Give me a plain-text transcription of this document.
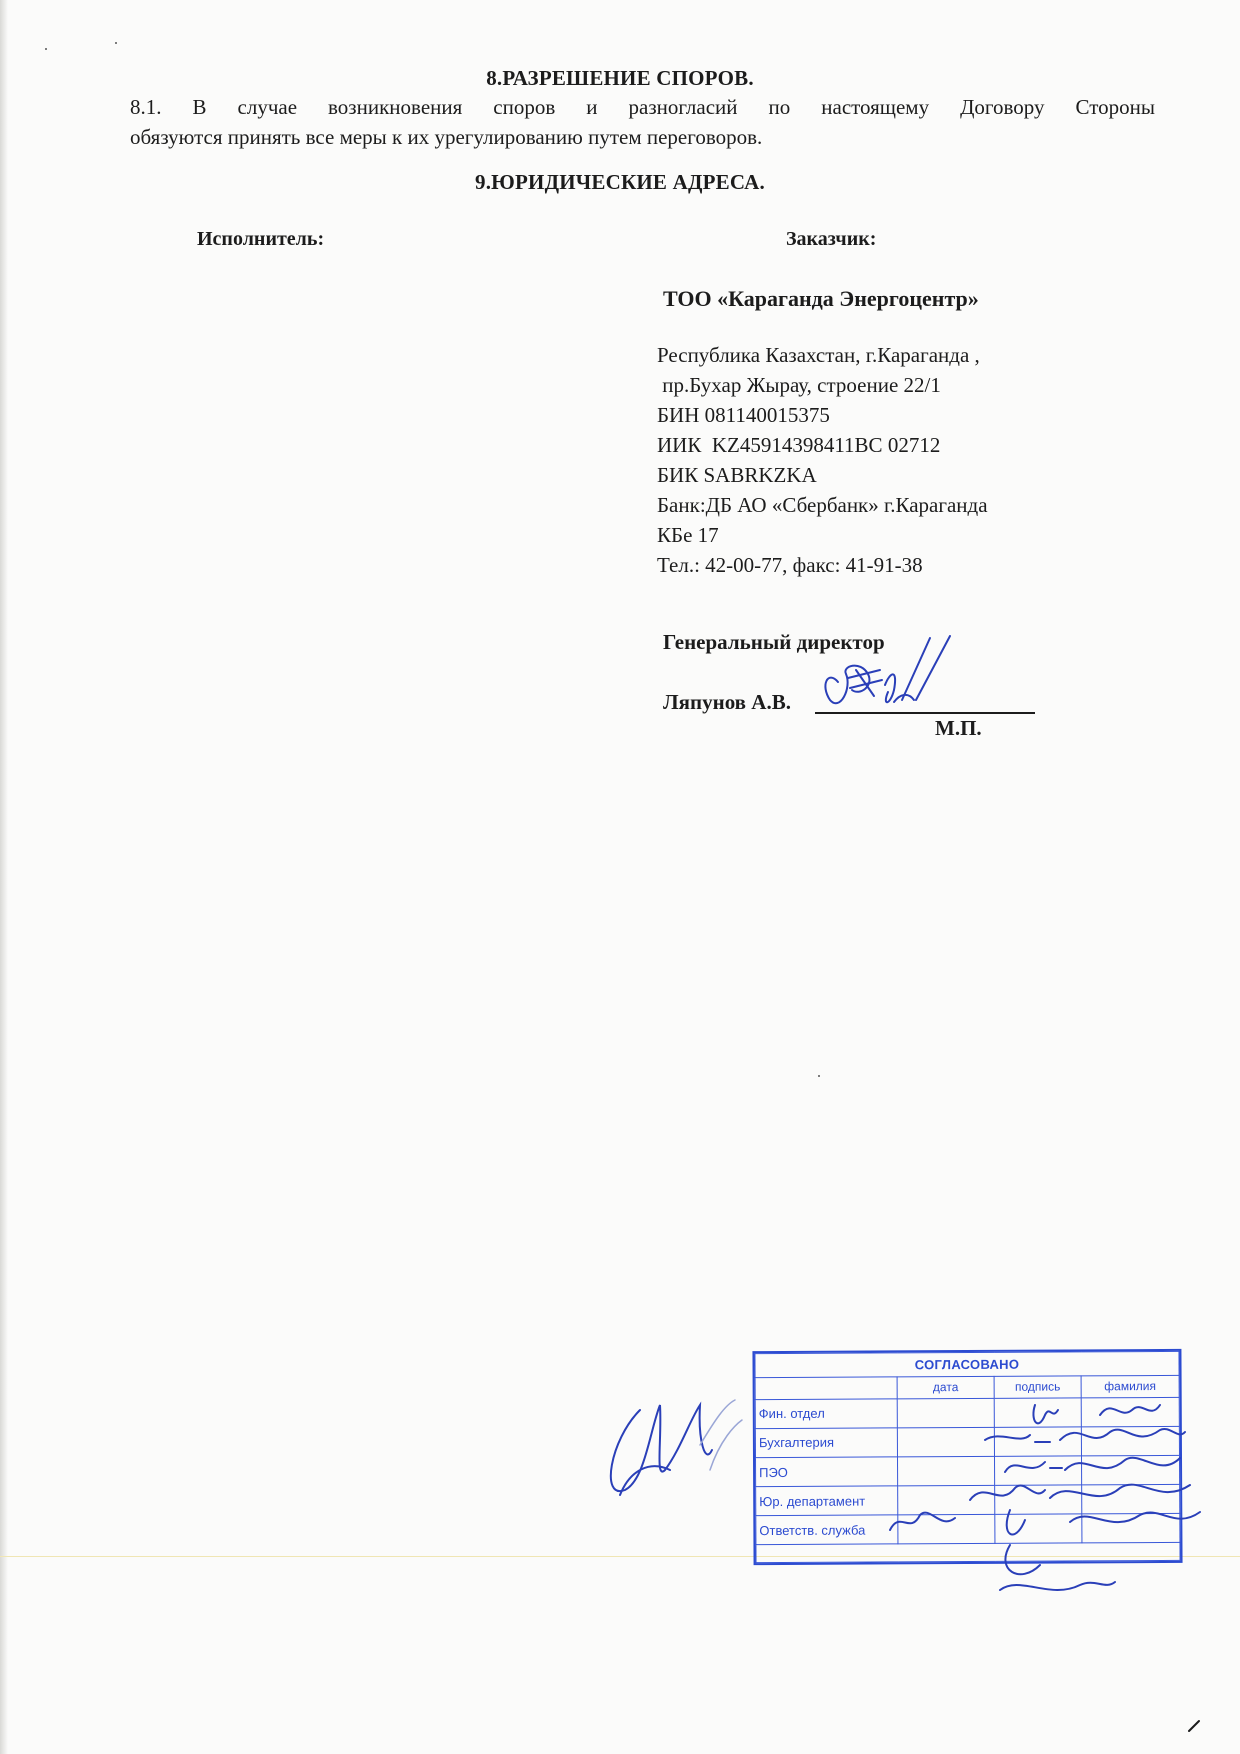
8.РАЗРЕШЕНИЕ СПОРОВ.
8.1. В случае возникновения споров и разногласий по настоящему Договору Стороны
обязуются принять все меры к их урегулированию путем переговоров.
9.ЮРИДИЧЕСКИЕ АДРЕСА.
Исполнитель:	Заказчик:
ТОО «Караганда Энергоцентр»
Республика Казахстан, г.Караганда ,
пр.Бухар Жырау, строение 22/1
БИН 081140015375
ИИК  KZ45914398411BC 02712
БИК SABRKZKA
Банк:ДБ АО «Сбербанк» г.Караганда
КБе 17
Тел.: 42-00-77, факс: 41-91-38
Генеральный директор
Ляпунов А.В.
М.П.
СОГЛАСОВАНО			
	дата	подпись	фамилия
Фин. отдел			
Бухгалтерия			
ПЭО			
Юр. департамент			
Ответств. служба			
